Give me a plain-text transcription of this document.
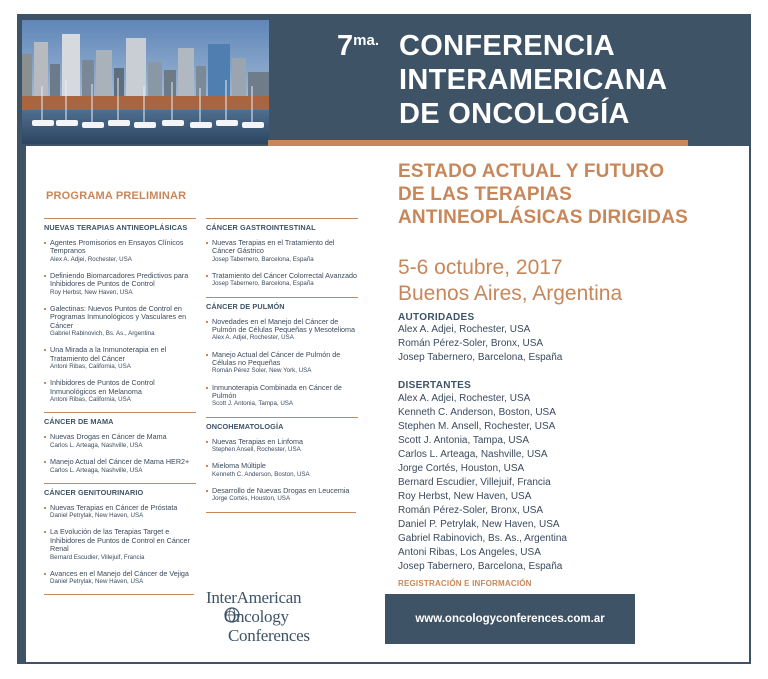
$7^{ma.}$ CONFERENCIA
INTERAMERICANA
DE ONCOLOGÍA
ESTADO ACTUAL Y FUTURO
DE LAS TERAPIAS
ANTINEOPLÁSICAS DIRIGIDAS
5-6 octubre, 2017
Buenos Aires, Argentina
AUTORIDADES
Alex A. Adjei, Rochester, USA
Román Pérez-Soler, Bronx, USA
Josep Tabernero, Barcelona, España
DISERTANTES
Alex A. Adjei, Rochester, USA
Kenneth C. Anderson, Boston, USA
Stephen M. Ansell, Rochester, USA
Scott J. Antonia, Tampa, USA
Carlos L. Arteaga, Nashville, USA
Jorge Cortés, Houston, USA
Bernard Escudier, Villejuif, Francia
Roy Herbst, New Haven, USA
Román Pérez-Soler, Bronx, USA
Daniel P. Petrylak, New Haven, USA
Gabriel Rabinovich, Bs. As., Argentina
Antoni Ribas, Los Angeles, USA
Josep Tabernero, Barcelona, España
REGISTRACIÓN E INFORMACIÓN
www.oncologyconferences.com.ar
PROGRAMA PRELIMINAR
NUEVAS TERAPIAS ANTINEOPLÁSICAS
Agentes Promisorios en Ensayos Clínicos Tempranos
Alex A. Adjei, Rochester, USA
Definiendo Biomarcadores Predictivos para Inhibidores de Puntos de Control
Roy Herbst, New Haven, USA
Galectinas: Nuevos Puntos de Control en Programas Inmunológicos y Vasculares en Cáncer
Gabriel Rabinovich, Bs. As., Argentina
Una Mirada a la Inmunoterapia en el Tratamiento del Cáncer
Antoni Ribas, California, USA
Inhibidores de Puntos de Control Inmunológicos en Melanoma
Antoni Ribas, California, USA
CÁNCER DE MAMA
Nuevas Drogas en Cáncer de Mama
Carlos L. Arteaga, Nashville, USA
Manejo Actual del Cáncer de Mama HER2+
Carlos L. Arteaga, Nashville, USA
CÁNCER GENITOURINARIO
Nuevas Terapias en Cáncer de Próstata
Daniel Petrylak, New Haven, USA
La Evolución de las Terapias Target e Inhibidores de Puntos de Control en Cáncer Renal
Bernard Escudier, Villejuif, Francia
Avances en el Manejo del Cáncer de Vejiga
Daniel Petrylak, New Haven, USA
CÁNCER GASTROINTESTINAL
Nuevas Terapias en el Tratamiento del Cáncer Gástrico
Josep Tabernero, Barcelona, España
Tratamiento del Cáncer Colorrectal Avanzado
Josep Tabernero, Barcelona, España
CÁNCER DE PULMÓN
Novedades en el Manejo del Cáncer de Pulmón de Células Pequeñas y Mesotelioma
Alex A. Adjei, Rochester, USA
Manejo Actual del Cáncer de Pulmón de Células no Pequeñas
Román Pérez Soler, New York, USA
Inmunoterapia Combinada en Cáncer de Pulmón
Scott J. Antonia, Tampa, USA
ONCOHEMATOLOGÍA
Nuevas Terapias en Linfoma
Stephen Ansell, Rochester, USA
Mieloma Múltiple
Kenneth C. Anderson, Boston, USA
Desarrollo de Nuevas Drogas en Leucemia
Jorge Cortés, Houston, USA
InterAmerican
Oncology
Conferences
